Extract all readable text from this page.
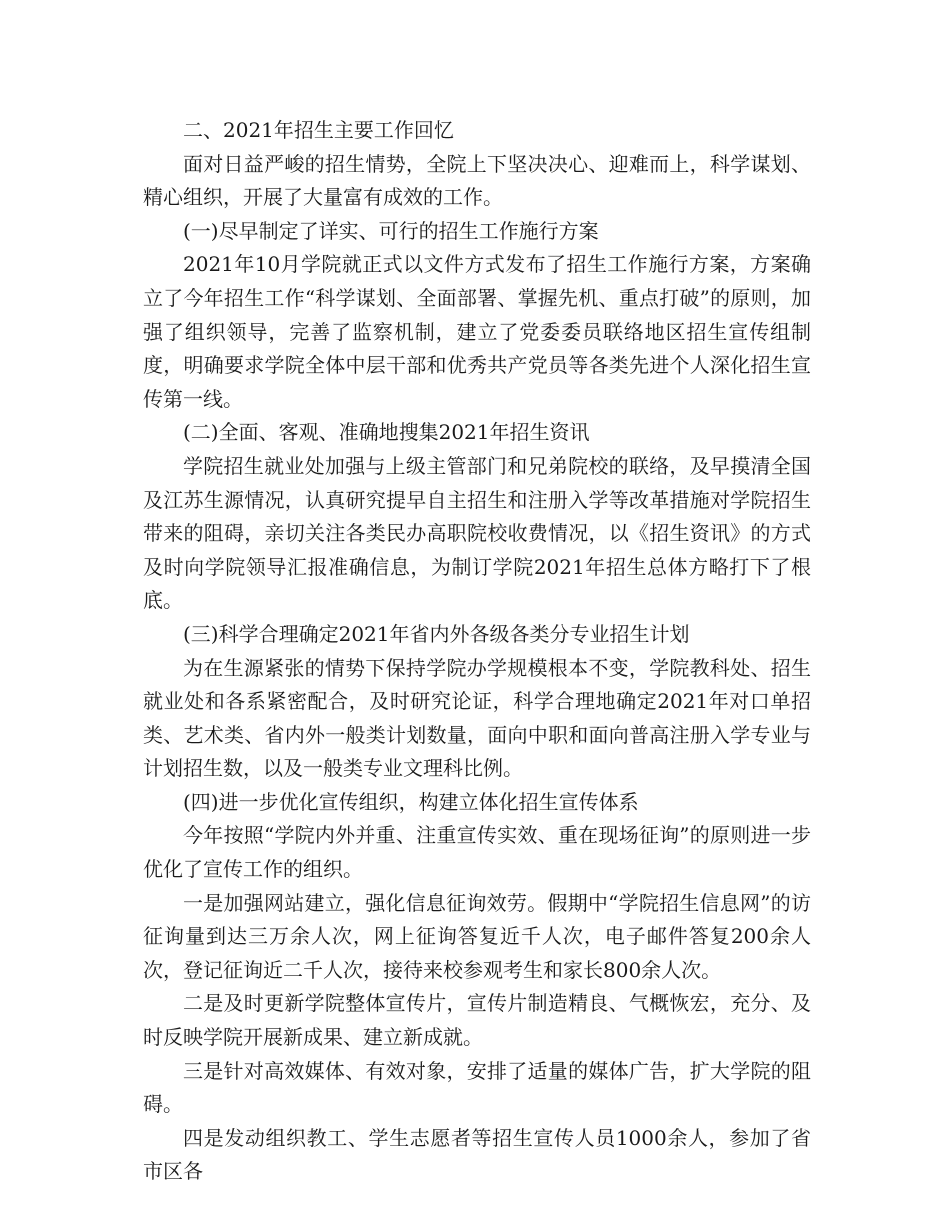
二、2021年招生主要工作回忆

面对日益严峻的招生情势，全院上下坚决决心、迎难而上，科学谋划、精心组织，开展了大量富有成效的工作。

(一)尽早制定了详实、可行的招生工作施行方案

2021年10月学院就正式以文件方式发布了招生工作施行方案，方案确立了今年招生工作“科学谋划、全面部署、掌握先机、重点打破”的原则，加强了组织领导，完善了监察机制，建立了党委委员联络地区招生宣传组制度，明确要求学院全体中层干部和优秀共产党员等各类先进个人深化招生宣传第一线。

(二)全面、客观、准确地搜集2021年招生资讯

学院招生就业处加强与上级主管部门和兄弟院校的联络，及早摸清全国及江苏生源情况，认真研究提早自主招生和注册入学等改革措施对学院招生带来的阻碍，亲切关注各类民办高职院校收费情况，以《招生资讯》的方式及时向学院领导汇报准确信息，为制订学院2021年招生总体方略打下了根底。

(三)科学合理确定2021年省内外各级各类分专业招生计划

为在生源紧张的情势下保持学院办学规模根本不变，学院教科处、招生就业处和各系紧密配合，及时研究论证，科学合理地确定2021年对口单招类、艺术类、省内外一般类计划数量，面向中职和面向普高注册入学专业与计划招生数，以及一般类专业文理科比例。

(四)进一步优化宣传组织，构建立体化招生宣传体系

今年按照“学院内外并重、注重宣传实效、重在现场征询”的原则进一步优化了宣传工作的组织。

一是加强网站建立，强化信息征询效劳。假期中“学院招生信息网”的访征询量到达三万余人次，网上征询答复近千人次，电子邮件答复200余人次，登记征询近二千人次，接待来校参观考生和家长800余人次。

二是及时更新学院整体宣传片，宣传片制造精良、气概恢宏，充分、及时反映学院开展新成果、建立新成就。

三是针对高效媒体、有效对象，安排了适量的媒体广告，扩大学院的阻碍。

四是发动组织教工、学生志愿者等招生宣传人员1000余人，参加了省市区各
